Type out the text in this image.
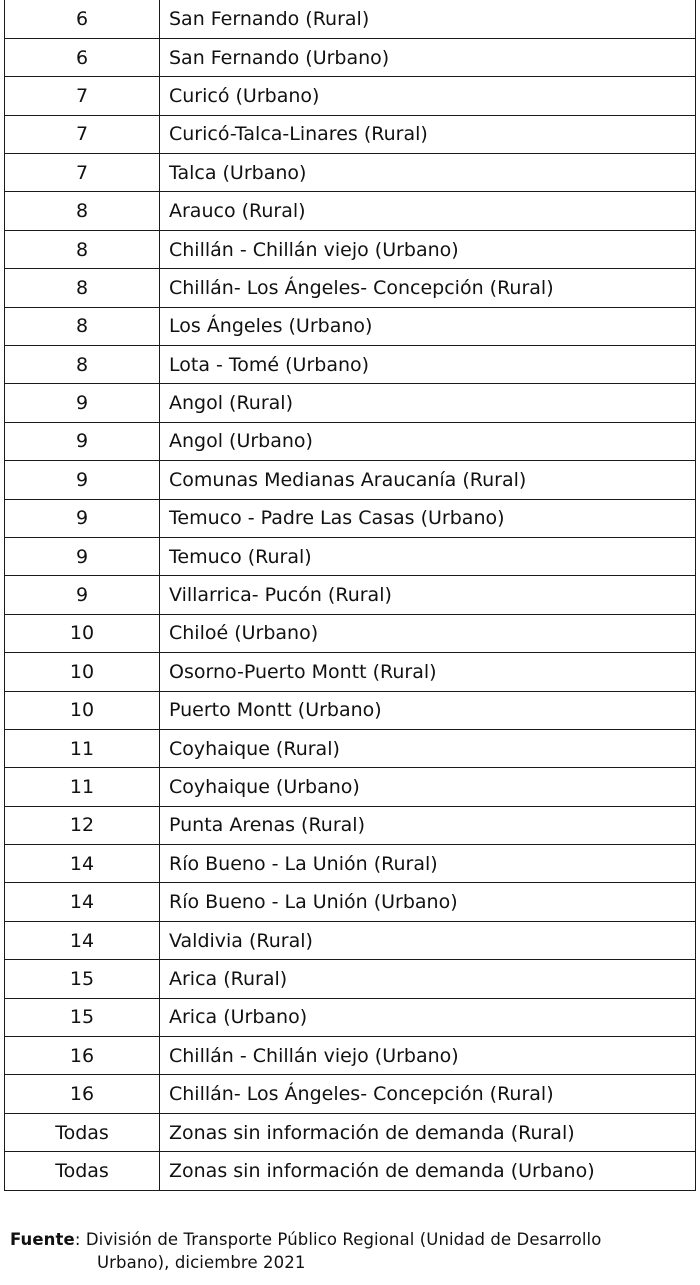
6	San Fernando (Rural)
6	San Fernando (Urbano)
7	Curicó (Urbano)
7	Curicó-Talca-Linares (Rural)
7	Talca (Urbano)
8	Arauco (Rural)
8	Chillán - Chillán viejo (Urbano)
8	Chillán- Los Ángeles- Concepción (Rural)
8	Los Ángeles (Urbano)
8	Lota - Tomé (Urbano)
9	Angol (Rural)
9	Angol (Urbano)
9	Comunas Medianas Araucanía (Rural)
9	Temuco - Padre Las Casas (Urbano)
9	Temuco (Rural)
9	Villarrica- Pucón (Rural)
10	Chiloé (Urbano)
10	Osorno-Puerto Montt (Rural)
10	Puerto Montt (Urbano)
11	Coyhaique (Rural)
11	Coyhaique (Urbano)
12	Punta Arenas (Rural)
14	Río Bueno - La Unión (Rural)
14	Río Bueno - La Unión (Urbano)
14	Valdivia (Rural)
15	Arica (Rural)
15	Arica (Urbano)
16	Chillán - Chillán viejo (Urbano)
16	Chillán- Los Ángeles- Concepción (Rural)
Todas	Zonas sin información de demanda (Rural)
Todas	Zonas sin información de demanda (Urbano)
Fuente: División de Transporte Público Regional (Unidad de Desarrollo
Urbano), diciembre 2021
